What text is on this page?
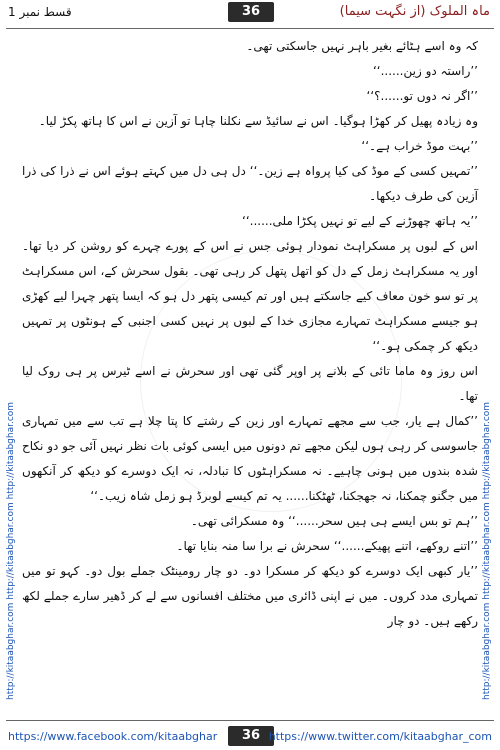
قسط نمبر 1	36	ماہ الملوک (از نگہت سیما)
http://kitaabghar.com http://kitaabghar.com http://kitaabghar.com	http://kitaabghar.com http://kitaabghar.com http://kitaabghar.com

کہ وہ اسے ہٹائے بغیر باہر نہیں جاسکتی تھی۔

’’راستہ دو زین......‘‘

’’اگر نہ دوں تو......؟‘‘

وہ زیادہ پھیل کر کھڑا ہوگیا۔ اس نے سائیڈ سے نکلنا چاہا تو آزین نے اس کا ہاتھ پکڑ لیا۔

’’بہت موڈ خراب ہے۔‘‘

’’تمہیں کسی کے موڈ کی کیا پرواہ ہے زین۔‘‘ دل ہی دل میں کہتے ہوئے اس نے ذرا کی ذرا آزین کی طرف دیکھا۔

’’یہ ہاتھ چھوڑنے کے لیے تو نہیں پکڑا ملی......‘‘

اس کے لبوں پر مسکراہٹ نمودار ہوئی جس نے اس کے پورے چہرے کو روشن کر دیا تھا۔ اور یہ مسکراہٹ زمل کے دل کو اتھل پتھل کر رہی تھی۔ بقول سحرش کے، اس مسکراہٹ پر تو سو خون معاف کیے جاسکتے ہیں اور تم کیسی پتھر دل ہو کہ ایسا پتھر چہرا لیے کھڑی ہو جیسے مسکراہٹ تمہارے مجازی خدا کے لبوں پر نہیں کسی اجنبی کے ہونٹوں پر تمہیں دیکھ کر چمکی ہو۔‘‘

اس روز وہ ماما تائی کے بلانے پر اوپر گئی تھی اور سحرش نے اسے ٹیرس پر ہی روک لیا تھا۔

’’کمال ہے یار، جب سے مجھے تمہارے اور زین کے رشتے کا پتا چلا ہے تب سے میں تمہاری جاسوسی کر رہی ہوں لیکن مجھے تم دونوں میں ایسی کوئی بات نظر نہیں آئی جو دو نکاح شدہ بندوں میں ہونی چاہیے۔ نہ مسکراہٹوں کا تبادلہ، نہ ایک دوسرے کو دیکھ کر آنکھوں میں جگنو چمکنا، نہ جھجکنا، ٹھٹکنا...... یہ تم کیسے لوبرڈ ہو زمل شاہ زیب۔‘‘

’’ہم تو بس ایسے ہی ہیں سحر......‘‘ وہ مسکرائی تھی۔

’’اتنے روکھے، اتنے پھیکے......‘‘ سحرش نے برا سا منہ بنایا تھا۔

’’یار کبھی ایک دوسرے کو دیکھ کر مسکرا دو۔ دو چار رومینٹک جملے بول دو۔ کہو تو میں تمہاری مدد کروں۔ میں نے اپنی ڈائری میں مختلف افسانوں سے لے کر ڈھیر سارے جملے لکھ رکھے ہیں۔ دو چار

https://www.facebook.com/kitaabghar	36 https://www.twitter.com/kitaabghar_com
